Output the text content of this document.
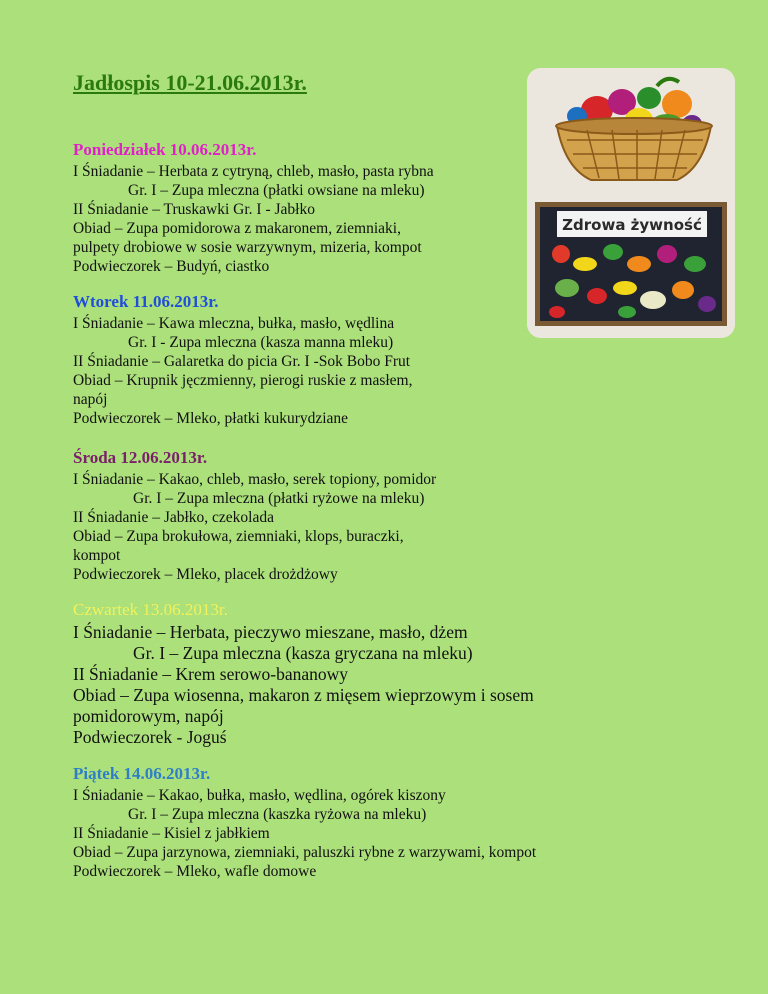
Jadłospis 10-21.06.2013r.
Zdrowa żywność
Poniedziałek 10.06.2013r.

I Śniadanie – Herbata z cytryną, chleb, masło, pasta rybna

Gr. I – Zupa mleczna (płatki owsiane na mleku)

II Śniadanie – Truskawki Gr. I - Jabłko

Obiad – Zupa pomidorowa z makaronem, ziemniaki,

pulpety drobiowe w sosie warzywnym, mizeria, kompot

Podwieczorek – Budyń, ciastko

Wtorek 11.06.2013r.

I Śniadanie – Kawa mleczna, bułka, masło, wędlina

Gr. I - Zupa mleczna (kasza manna mleku)

II Śniadanie – Galaretka do picia Gr. I -Sok Bobo Frut

Obiad – Krupnik jęczmienny, pierogi ruskie z masłem,

napój

Podwieczorek – Mleko, płatki kukurydziane

Środa 12.06.2013r.

I Śniadanie – Kakao, chleb, masło, serek topiony, pomidor

Gr. I – Zupa mleczna (płatki ryżowe na mleku)

II Śniadanie – Jabłko, czekolada

Obiad – Zupa brokułowa, ziemniaki, klops, buraczki,

kompot

Podwieczorek – Mleko, placek drożdżowy

Czwartek 13.06.2013r.

I Śniadanie – Herbata, pieczywo mieszane, masło, dżem

Gr. I – Zupa mleczna (kasza gryczana na mleku)

II Śniadanie – Krem serowo-bananowy

Obiad – Zupa wiosenna, makaron z mięsem wieprzowym i sosem

pomidorowym, napój

Podwieczorek - Joguś

Piątek 14.06.2013r.

I Śniadanie – Kakao, bułka, masło, wędlina, ogórek kiszony

Gr. I – Zupa mleczna (kaszka ryżowa na mleku)

II Śniadanie – Kisiel z jabłkiem

Obiad – Zupa jarzynowa, ziemniaki, paluszki rybne z warzywami, kompot

Podwieczorek – Mleko, wafle domowe
